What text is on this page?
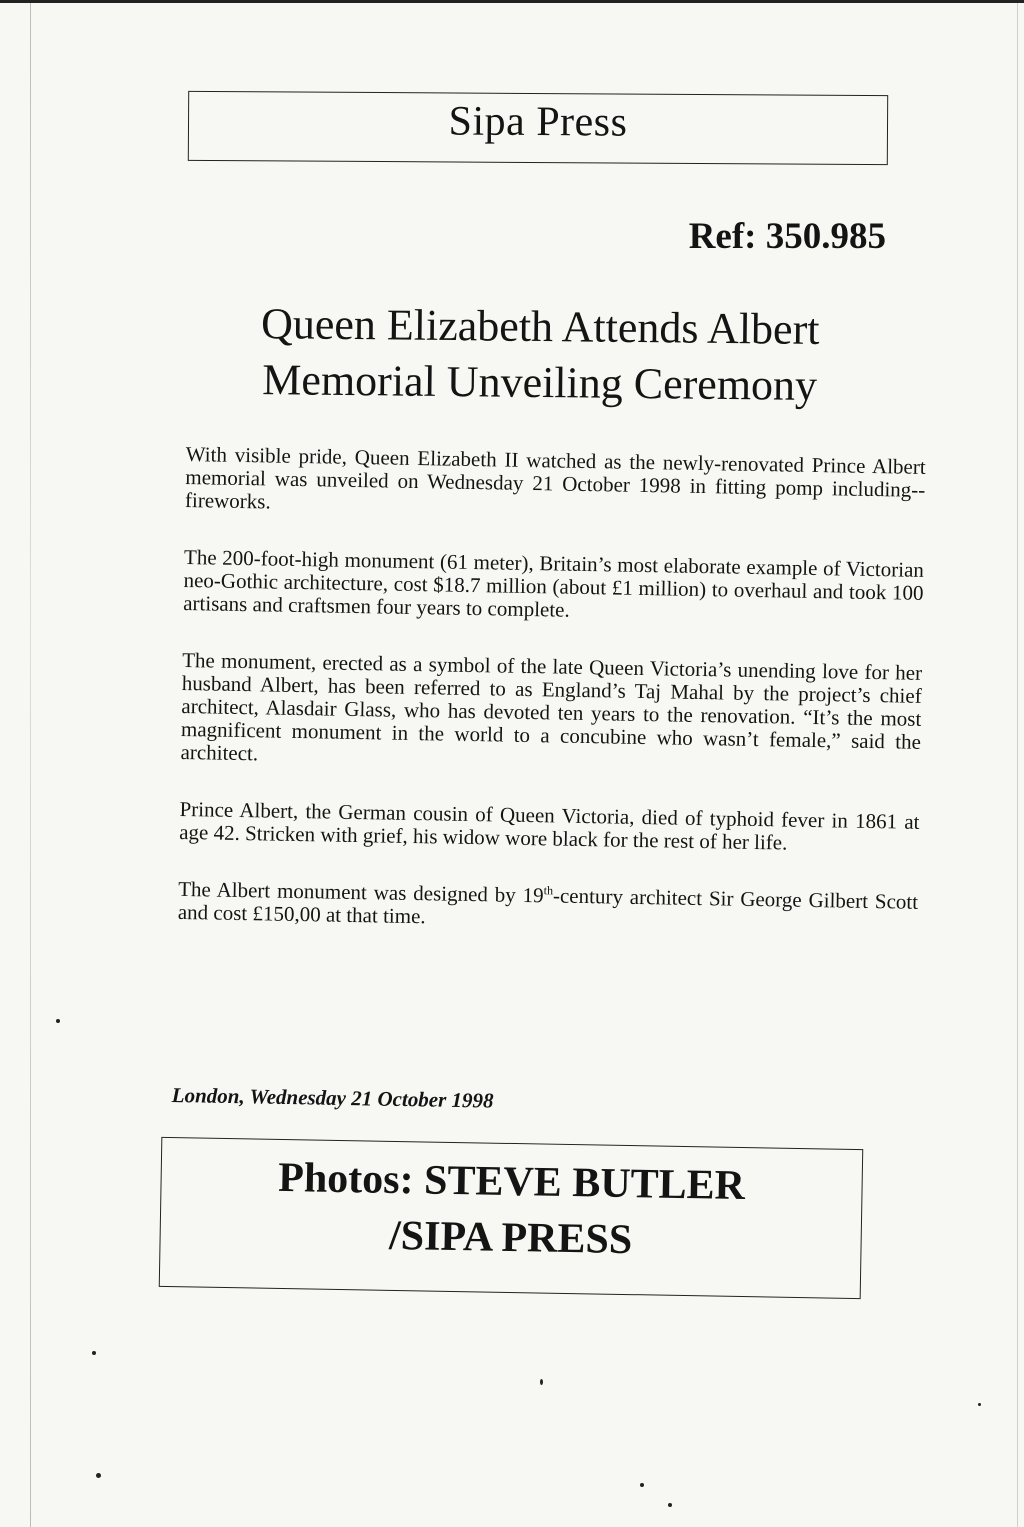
Sipa Press
Ref: 350.985
Queen Elizabeth Attends Albert
Memorial Unveiling Ceremony

With visible pride, Queen Elizabeth II watched as the newly-renovated Prince Albert memorial was unveiled on Wednesday 21 October 1998 in fitting pomp including-- fireworks.

The 200-foot-high monument (61 meter), Britain’s most elaborate example of Victorian neo-Gothic architecture, cost $18.7 million (about £1 million) to overhaul and took 100 artisans and craftsmen four years to complete.

The monument, erected as a symbol of the late Queen Victoria’s unending love for her husband Albert, has been referred to as England’s Taj Mahal by the project’s chief architect, Alasdair Glass, who has devoted ten years to the renovation. “It’s the most magnificent monument in the world to a concubine who wasn’t female,” said the architect.

Prince Albert, the German cousin of Queen Victoria, died of typhoid fever in 1861 at age 42. Stricken with grief, his widow wore black for the rest of her life.

The Albert monument was designed by 19th-century architect Sir George Gilbert Scott and cost £150,00 at that time.

London, Wednesday 21 October 1998
Photos: STEVE BUTLER
/SIPA PRESS
